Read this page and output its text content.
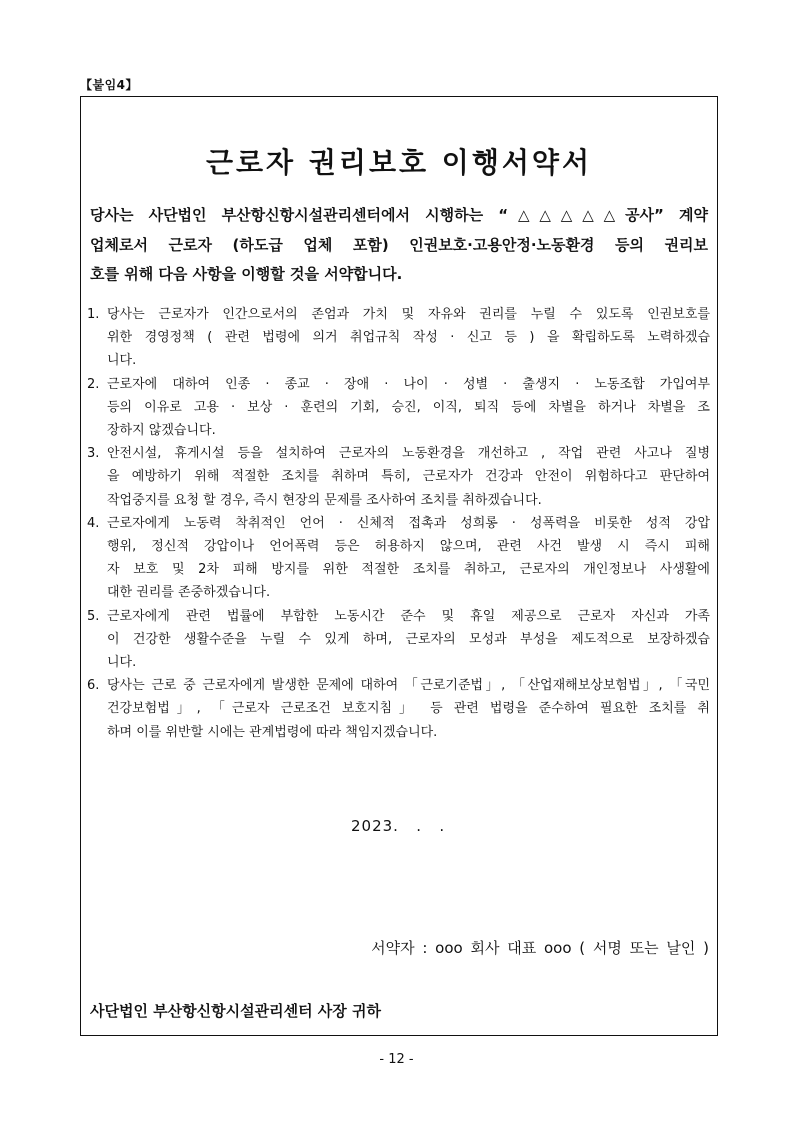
【붙임4】
근로자 권리보호 이행서약서
당사는 사단법인 부산항신항시설관리센터에서 시행하는 “△△△△△공사” 계약
업체로서 근로자 (하도급 업체 포함) 인권보호·고용안정·노동환경 등의 권리보
호를 위해 다음 사항을 이행할 것을 서약합니다.
1. 당사는 근로자가 인간으로서의 존엄과 가치 및 자유와 권리를 누릴 수 있도록 인권보호를
위한 경영정책 ( 관련 법령에 의거 취업규칙 작성 · 신고 등 ) 을 확립하도록 노력하겠습
니다.
2. 근로자에 대하여 인종 · 종교 · 장애 · 나이 · 성별 · 출생지 · 노동조합 가입여부
등의 이유로 고용 · 보상 · 훈련의 기회, 승진, 이직, 퇴직 등에 차별을 하거나 차별을 조
장하지 않겠습니다.
3. 안전시설, 휴게시설 등을 설치하여 근로자의 노동환경을 개선하고 , 작업 관련 사고나 질병
을 예방하기 위해 적절한 조치를 취하며 특히, 근로자가 건강과 안전이 위험하다고 판단하여
작업중지를 요청 할 경우, 즉시 현장의 문제를 조사하여 조치를 취하겠습니다.
4. 근로자에게 노동력 착취적인 언어 · 신체적 접촉과 성희롱 · 성폭력을 비롯한 성적 강압
행위, 정신적 강압이나 언어폭력 등은 허용하지 않으며, 관련 사건 발생 시 즉시 피해
자 보호 및 2차 피해 방지를 위한 적절한 조치를 취하고, 근로자의 개인정보나 사생활에
대한 권리를 존중하겠습니다.
5. 근로자에게 관련 법률에 부합한 노동시간 준수 및 휴일 제공으로 근로자 자신과 가족
이 건강한 생활수준을 누릴 수 있게 하며, 근로자의 모성과 부성을 제도적으로 보장하겠습
니다.
6. 당사는 근로 중 근로자에게 발생한 문제에 대하여 「근로기준법」, 「산업재해보상보험법」, 「국민
건강보험법」, 「근로자 근로조건 보호지침」 등 관련 법령을 준수하여 필요한 조치를 취
하며 이를 위반할 시에는 관계법령에 따라 책임지겠습니다.
2023.   .   .
서약자 : ooo 회사 대표 ooo ( 서명 또는 날인 )
사단법인 부산항신항시설관리센터 사장 귀하
- 12 -
